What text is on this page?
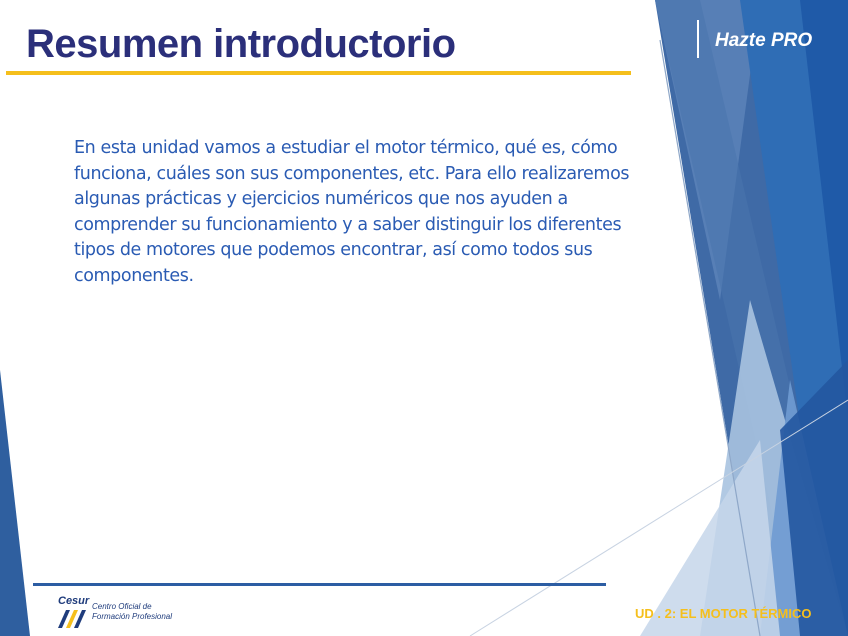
Resumen introductorio	Hazte PRO

En esta unidad vamos a estudiar el motor térmico, qué es, cómo funciona, cuáles son sus componentes, etc. Para ello realizaremos algunas prácticas y ejercicios numéricos que nos ayuden a comprender su funcionamiento y a saber distinguir los diferentes tipos de motores que podemos encontrar, así como todos sus componentes.

Cesur Centro Oficial de
Formación Profesional	UD . 2: EL MOTOR TÉRMICO
